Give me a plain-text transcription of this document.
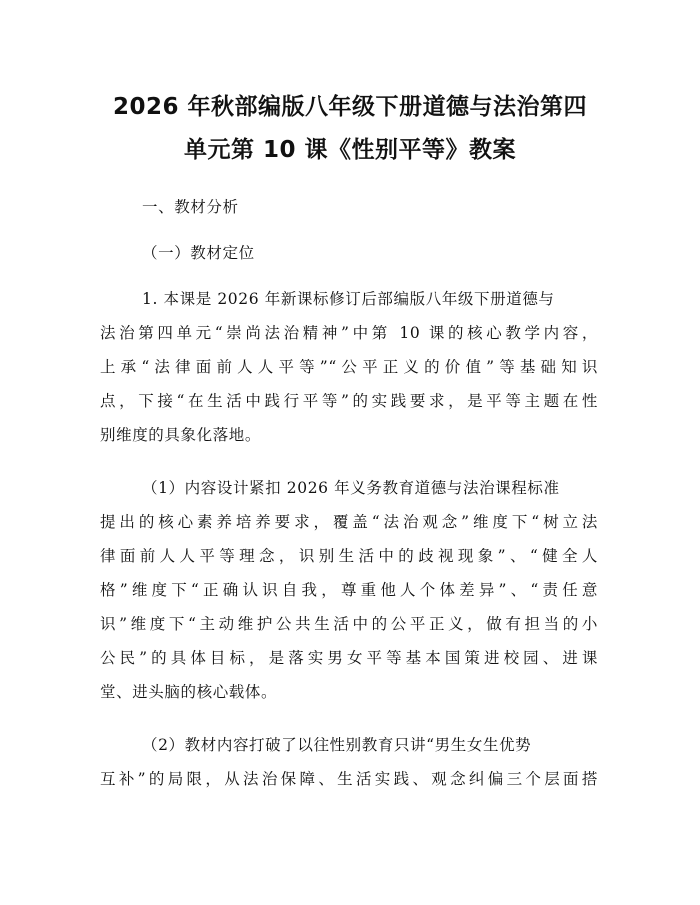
2026 年秋部编版八年级下册道德与法治第四
单元第 10 课《性别平等》教案
一、教材分析
（一）教材定位
1. 本课是 2026 年新课标修订后部编版八年级下册道德与
法治第四单元“崇尚法治精神”中第 10 课的核心教学内容，
上承“法律面前人人平等”“公平正义的价值”等基础知识
点，下接“在生活中践行平等”的实践要求，是平等主题在性
别维度的具象化落地。
（1）内容设计紧扣 2026 年义务教育道德与法治课程标准
提出的核心素养培养要求，覆盖“法治观念”维度下“树立法
律面前人人平等理念，识别生活中的歧视现象”、“健全人
格”维度下“正确认识自我，尊重他人个体差异”、“责任意
识”维度下“主动维护公共生活中的公平正义，做有担当的小
公民”的具体目标，是落实男女平等基本国策进校园、进课
堂、进头脑的核心载体。
（2）教材内容打破了以往性别教育只讲“男生女生优势
互补”的局限，从法治保障、生活实践、观念纠偏三个层面搭
